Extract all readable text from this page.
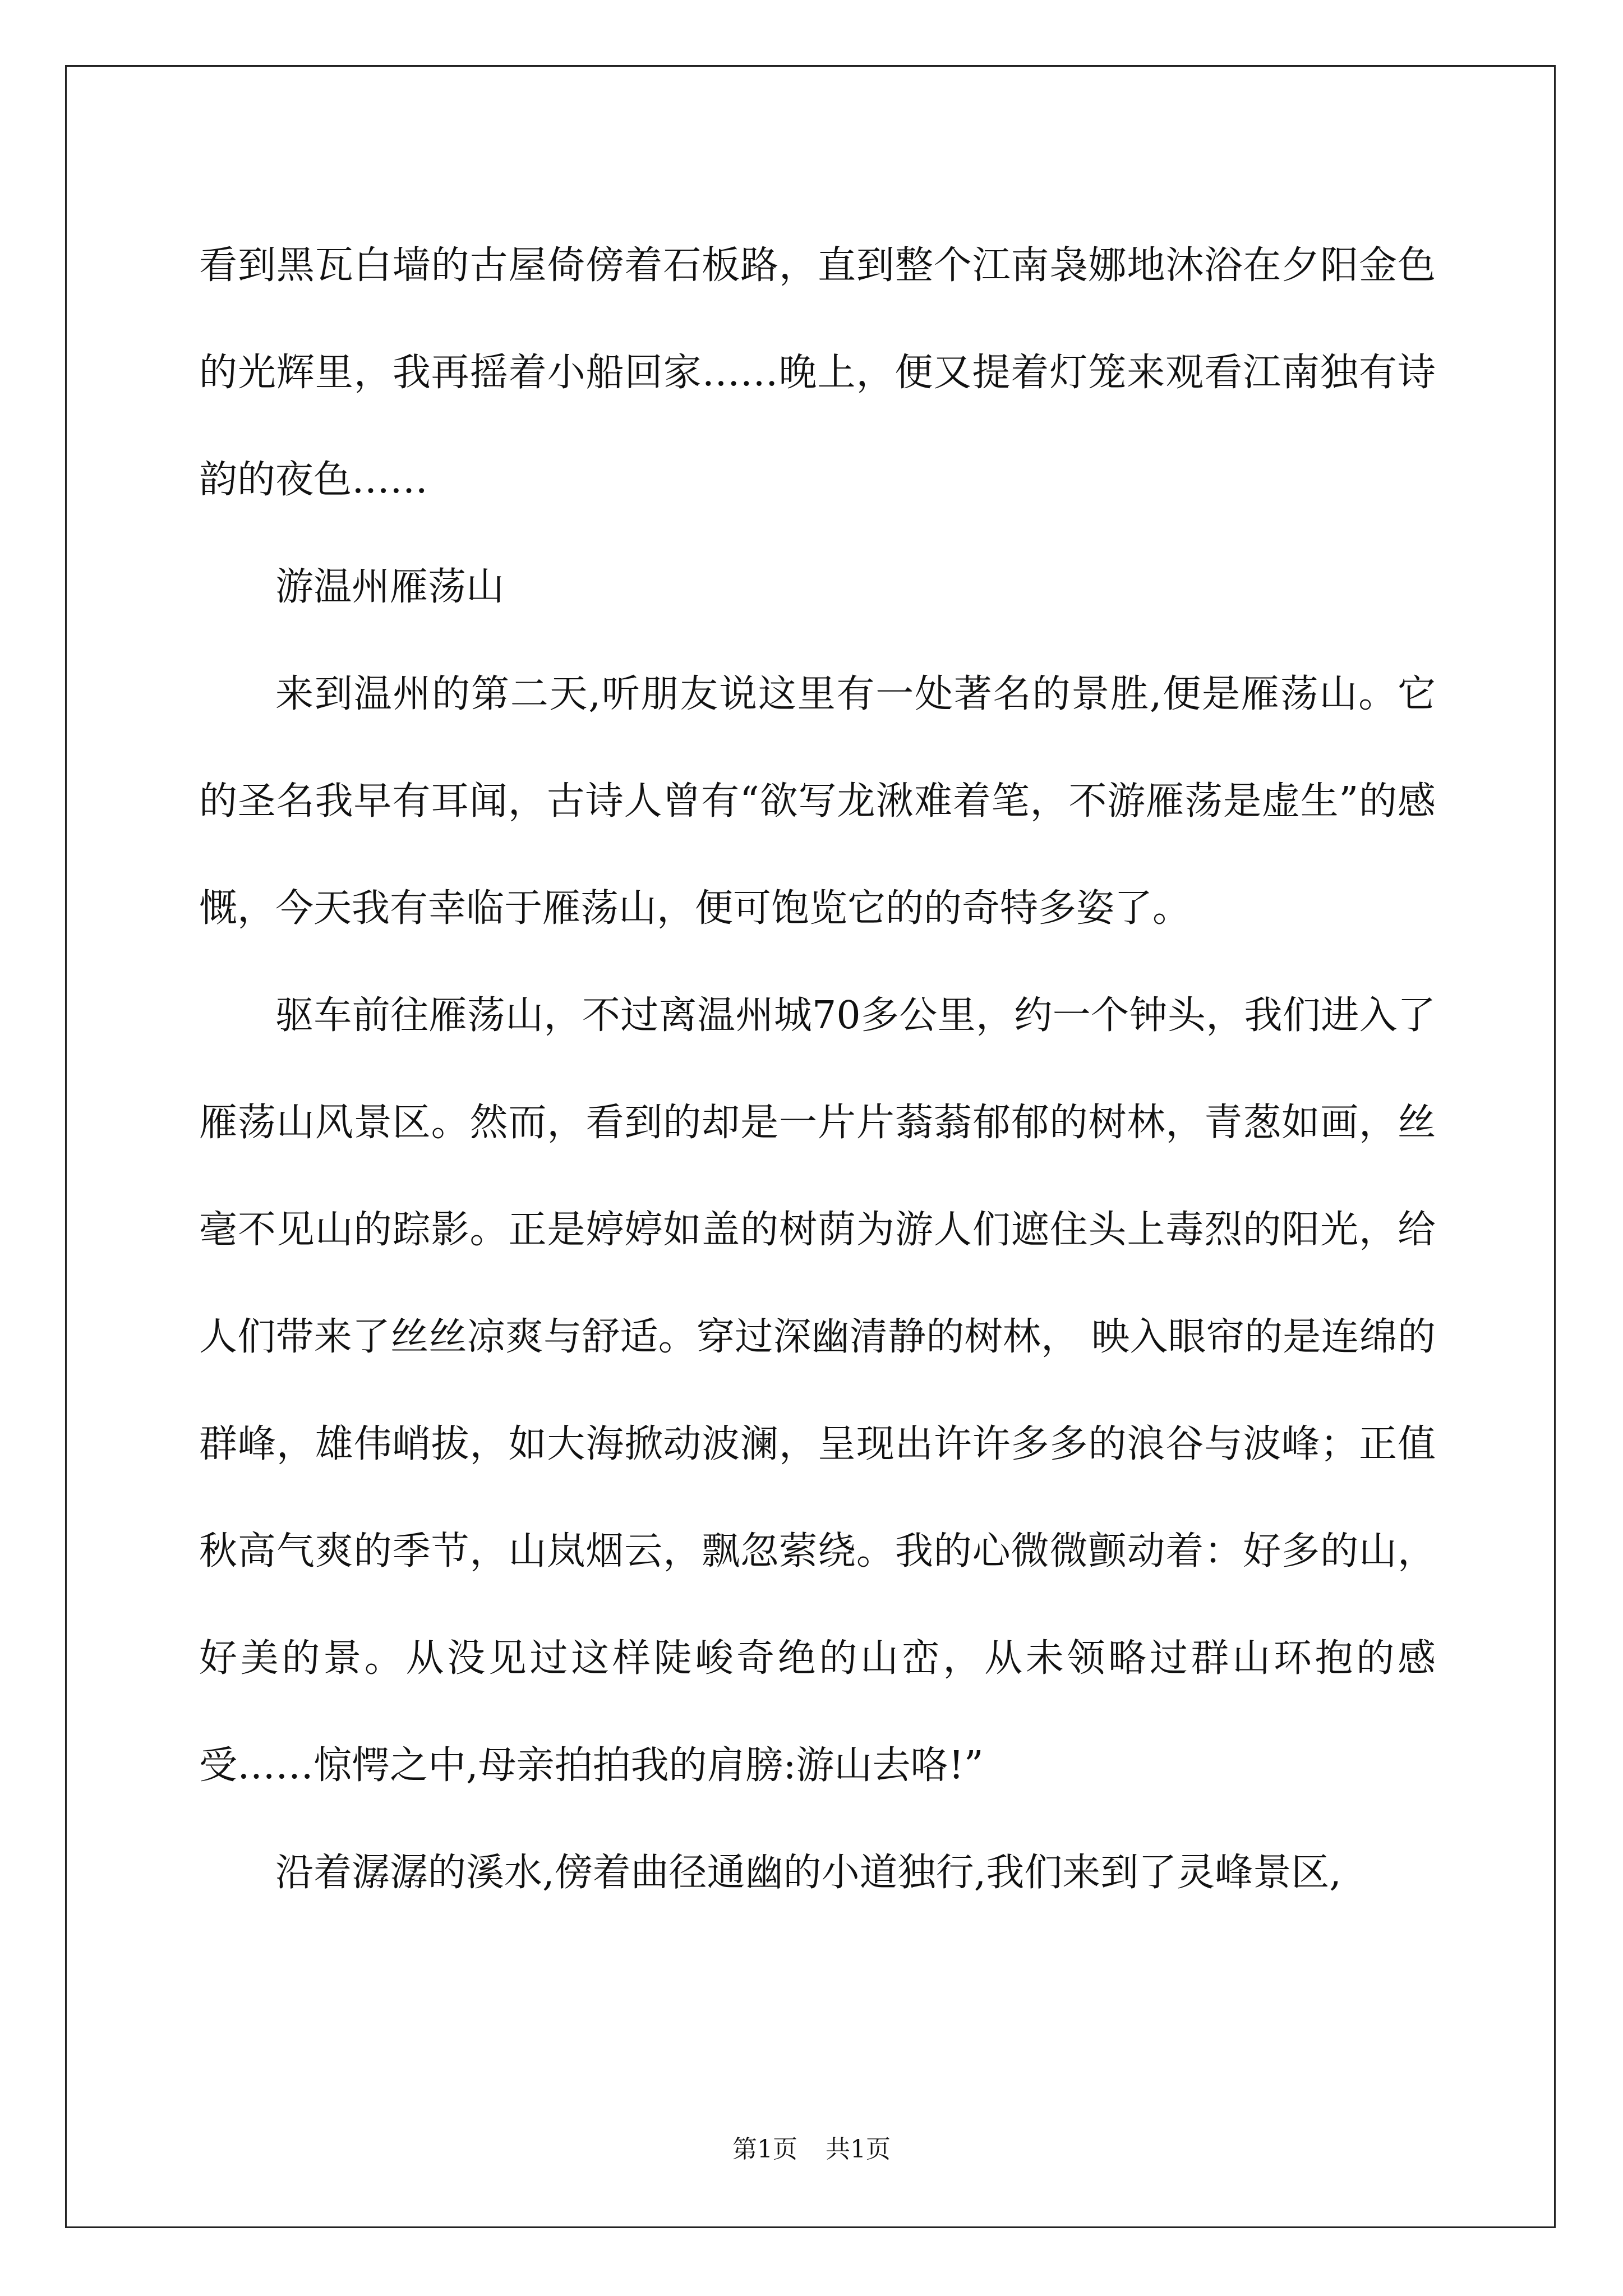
看到黑瓦白墙的古屋倚傍着石板路，直到整个江南袅娜地沐浴在夕阳金色的光辉里，我再摇着小船回家……晚上，便又提着灯笼来观看江南独有诗韵的夜色……

游温州雁荡山

来到温州的第二天,听朋友说这里有一处著名的景胜,便是雁荡山。它的圣名我早有耳闻，古诗人曾有“欲写龙湫难着笔，不游雁荡是虚生”的感慨，今天我有幸临于雁荡山，便可饱览它的的奇特多姿了。

驱车前往雁荡山，不过离温州城70多公里，约一个钟头，我们进入了雁荡山风景区。然而，看到的却是一片片蓊蓊郁郁的树林，青葱如画，丝毫不见山的踪影。正是婷婷如盖的树荫为游人们遮住头上毒烈的阳光，给人们带来了丝丝凉爽与舒适。穿过深幽清静的树林， 映入眼帘的是连绵的群峰，雄伟峭拔，如大海掀动波澜，呈现出许许多多的浪谷与波峰；正值秋高气爽的季节，山岚烟云，飘忽萦绕。我的心微微颤动着：好多的山，好美的景。从没见过这样陡峻奇绝的山峦，从未领略过群山环抱的感受……惊愕之中,母亲拍拍我的肩膀:游山去咯!”

沿着潺潺的溪水,傍着曲径通幽的小道独行,我们来到了灵峰景区,

第1页 共1页
